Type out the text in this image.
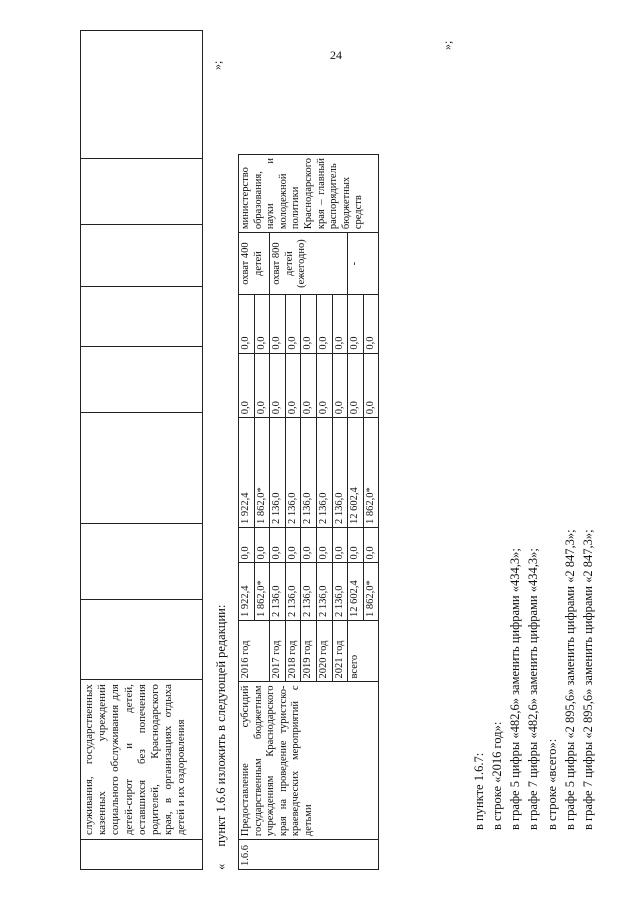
24
	служивания, государственных казенных учреждений социального обслуживания для детей-сирот и детей, оставшихся без попечения родителей, Краснодарского края, в организациях отдыха детей и их оздоровления								
»;
« пункт 1.6.6 изложить в следующей редакции:
1.6.6	Предоставление субсидий государственным бюджетным учреждениям Краснодарского края на проведение туристско-краеведческих мероприятий с детьми	2016 год	1 922,4	0,0	1 922,4	0,0	0,0	охват 400 детей	министерство образования, науки и молодежной политики Краснодарского края – главный распорядитель бюджетных средств
			1 862,0*	0,0	1 862,0*	0,0	0,0		
		2017 год	2 136,0	0,0	2 136,0	0,0	0,0	охват 800 детей (ежегодно)	
		2018 год	2 136,0	0,0	2 136,0	0,0	0,0		
		2019 год	2 136,0	0,0	2 136,0	0,0	0,0		
		2020 год	2 136,0	0,0	2 136,0	0,0	0,0		
		2021 год	2 136,0	0,0	2 136,0	0,0	0,0		
		всего	12 602,4	0,0	12 602,4	0,0	0,0	-	
			1 862,0*	0,0	1 862,0*	0,0	0,0		
»;
в пункте 1.6.7: в строке «2016 год»: в графе 5 цифры «482,6» заменить цифрами «434,3»; в графе 7 цифры «482,6» заменить цифрами «434,3»; в строке «всего»: в графе 5 цифры «2 895,6» заменить цифрами «2 847,3»; в графе 7 цифры «2 895,6» заменить цифрами «2 847,3»;
